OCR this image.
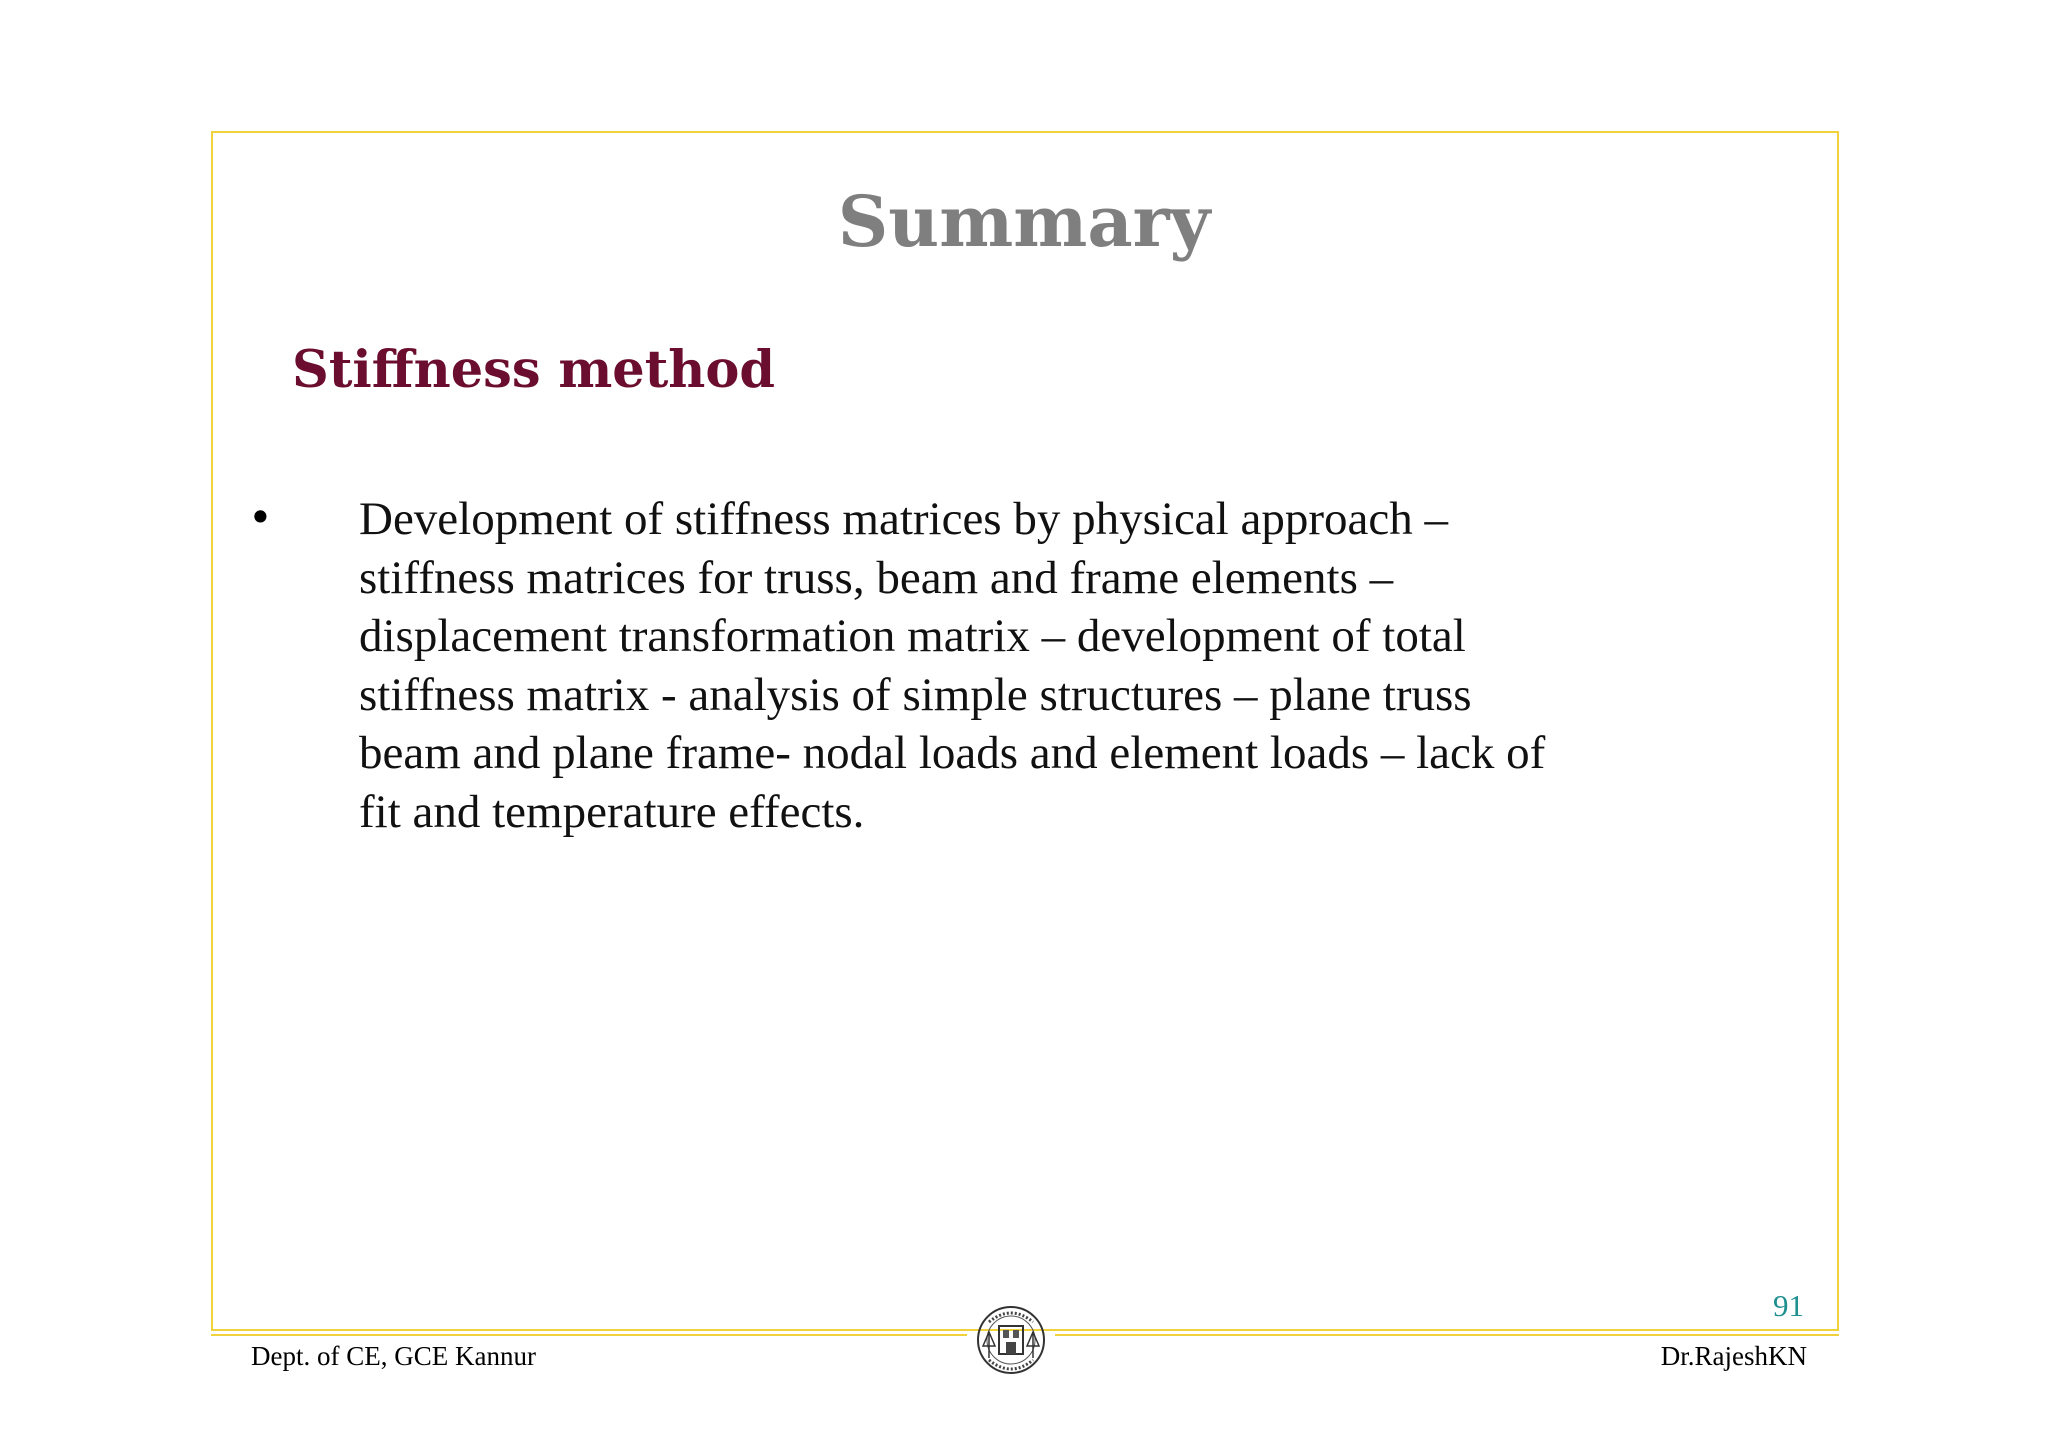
Summary
Stiffness method
• Development of stiffness matrices by physical approach –
stiffness matrices for truss, beam and frame elements –
displacement transformation matrix – development of total
stiffness matrix - analysis of simple structures – plane truss
beam and plane frame- nodal loads and element loads – lack of
fit and temperature effects.
91
Dept. of CE, GCE Kannur	Dr.RajeshKN
